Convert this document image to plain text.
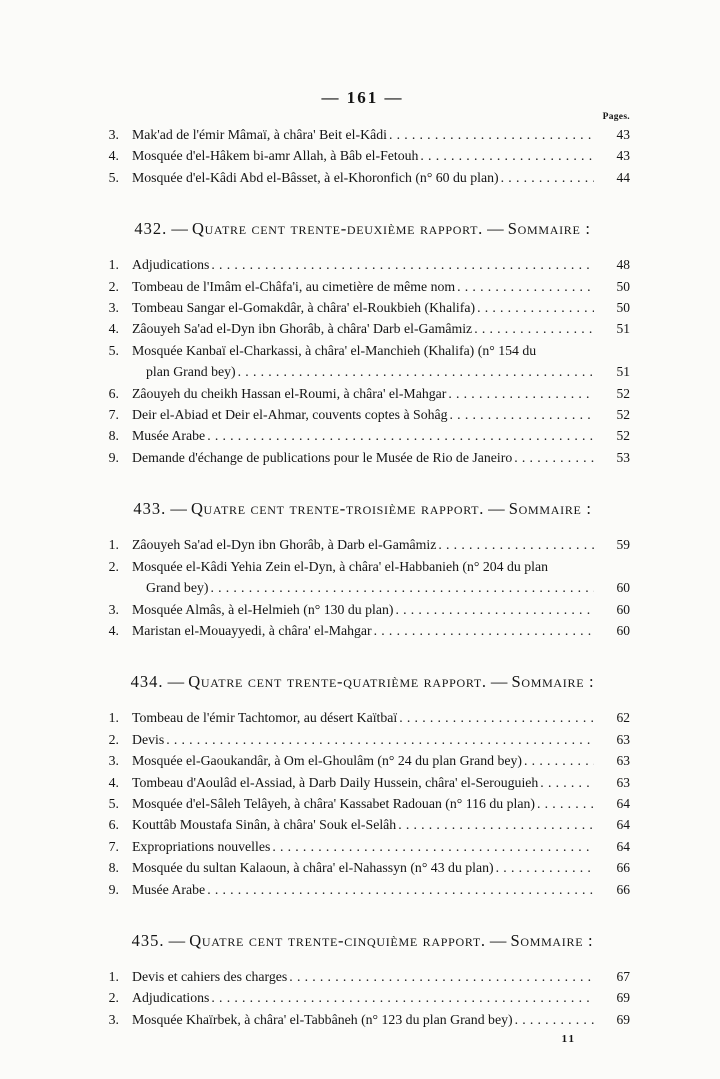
— 161 —
Pages.
3. Mak'ad de l'émir Mâmaï, à châra' Beit el-Kâdi .....	43
4. Mosquée d'el-Hâkem bi-amr Allah, à Bâb el-Fetouh .....	43
5. Mosquée d'el-Kâdi Abd el-Bâsset, à el-Khoronfich (n° 60 du plan) .....	44
432. — Quatre cent trente-deuxième rapport. — Sommaire :
1. Adjudications .....	48
2. Tombeau de l'Imâm el-Châfa'i, au cimetière de même nom .....	50
3. Tombeau Sangar el-Gomakdâr, à châra' el-Roukbieh (Khalifa) .....	50
4. Zâouyeh Sa'ad el-Dyn ibn Ghorâb, à châra' Darb el-Gamâmiz .....	51
5. Mosquée Kanbaï el-Charkassi, à châra' el-Manchieh (Khalifa) (n° 154 du
plan Grand bey) .....	51
6. Zâouyeh du cheikh Hassan el-Roumi, à châra' el-Mahgar .....	52
7. Deir el-Abiad et Deir el-Ahmar, couvents coptes à Sohâg .....	52
8. Musée Arabe .....	52
9. Demande d'échange de publications pour le Musée de Rio de Janeiro .....	53
433. — Quatre cent trente-troisième rapport. — Sommaire :
1. Zâouyeh Sa'ad el-Dyn ibn Ghorâb, à Darb el-Gamâmiz .....	59
2. Mosquée el-Kâdi Yehia Zein el-Dyn, à châra' el-Habbanieh (n° 204 du plan
Grand bey) .....	60
3. Mosquée Almâs, à el-Helmieh (n° 130 du plan) .....	60
4. Maristan el-Mouayyedi, à châra' el-Mahgar .....	60
434. — Quatre cent trente-quatrième rapport. — Sommaire :
1. Tombeau de l'émir Tachtomor, au désert Kaïtbaï .....	62
2. Devis .....	63
3. Mosquée el-Gaoukandâr, à Om el-Ghoulâm (n° 24 du plan Grand bey) .....	63
4. Tombeau d'Aoulâd el-Assiad, à Darb Daily Hussein, châra' el-Serouguieh .....	63
5. Mosquée d'el-Sâleh Telâyeh, à châra' Kassabet Radouan (n° 116 du plan) .....	64
6. Kouttâb Moustafa Sinân, à châra' Souk el-Selâh .....	64
7. Expropriations nouvelles .....	64
8. Mosquée du sultan Kalaoun, à châra' el-Nahassyn (n° 43 du plan) .....	66
9. Musée Arabe .....	66
435. — Quatre cent trente-cinquième rapport. — Sommaire :
1. Devis et cahiers des charges .....	67
2. Adjudications .....	69
3. Mosquée Khaïrbek, à châra' el-Tabbâneh (n° 123 du plan Grand bey) .....	69
11
